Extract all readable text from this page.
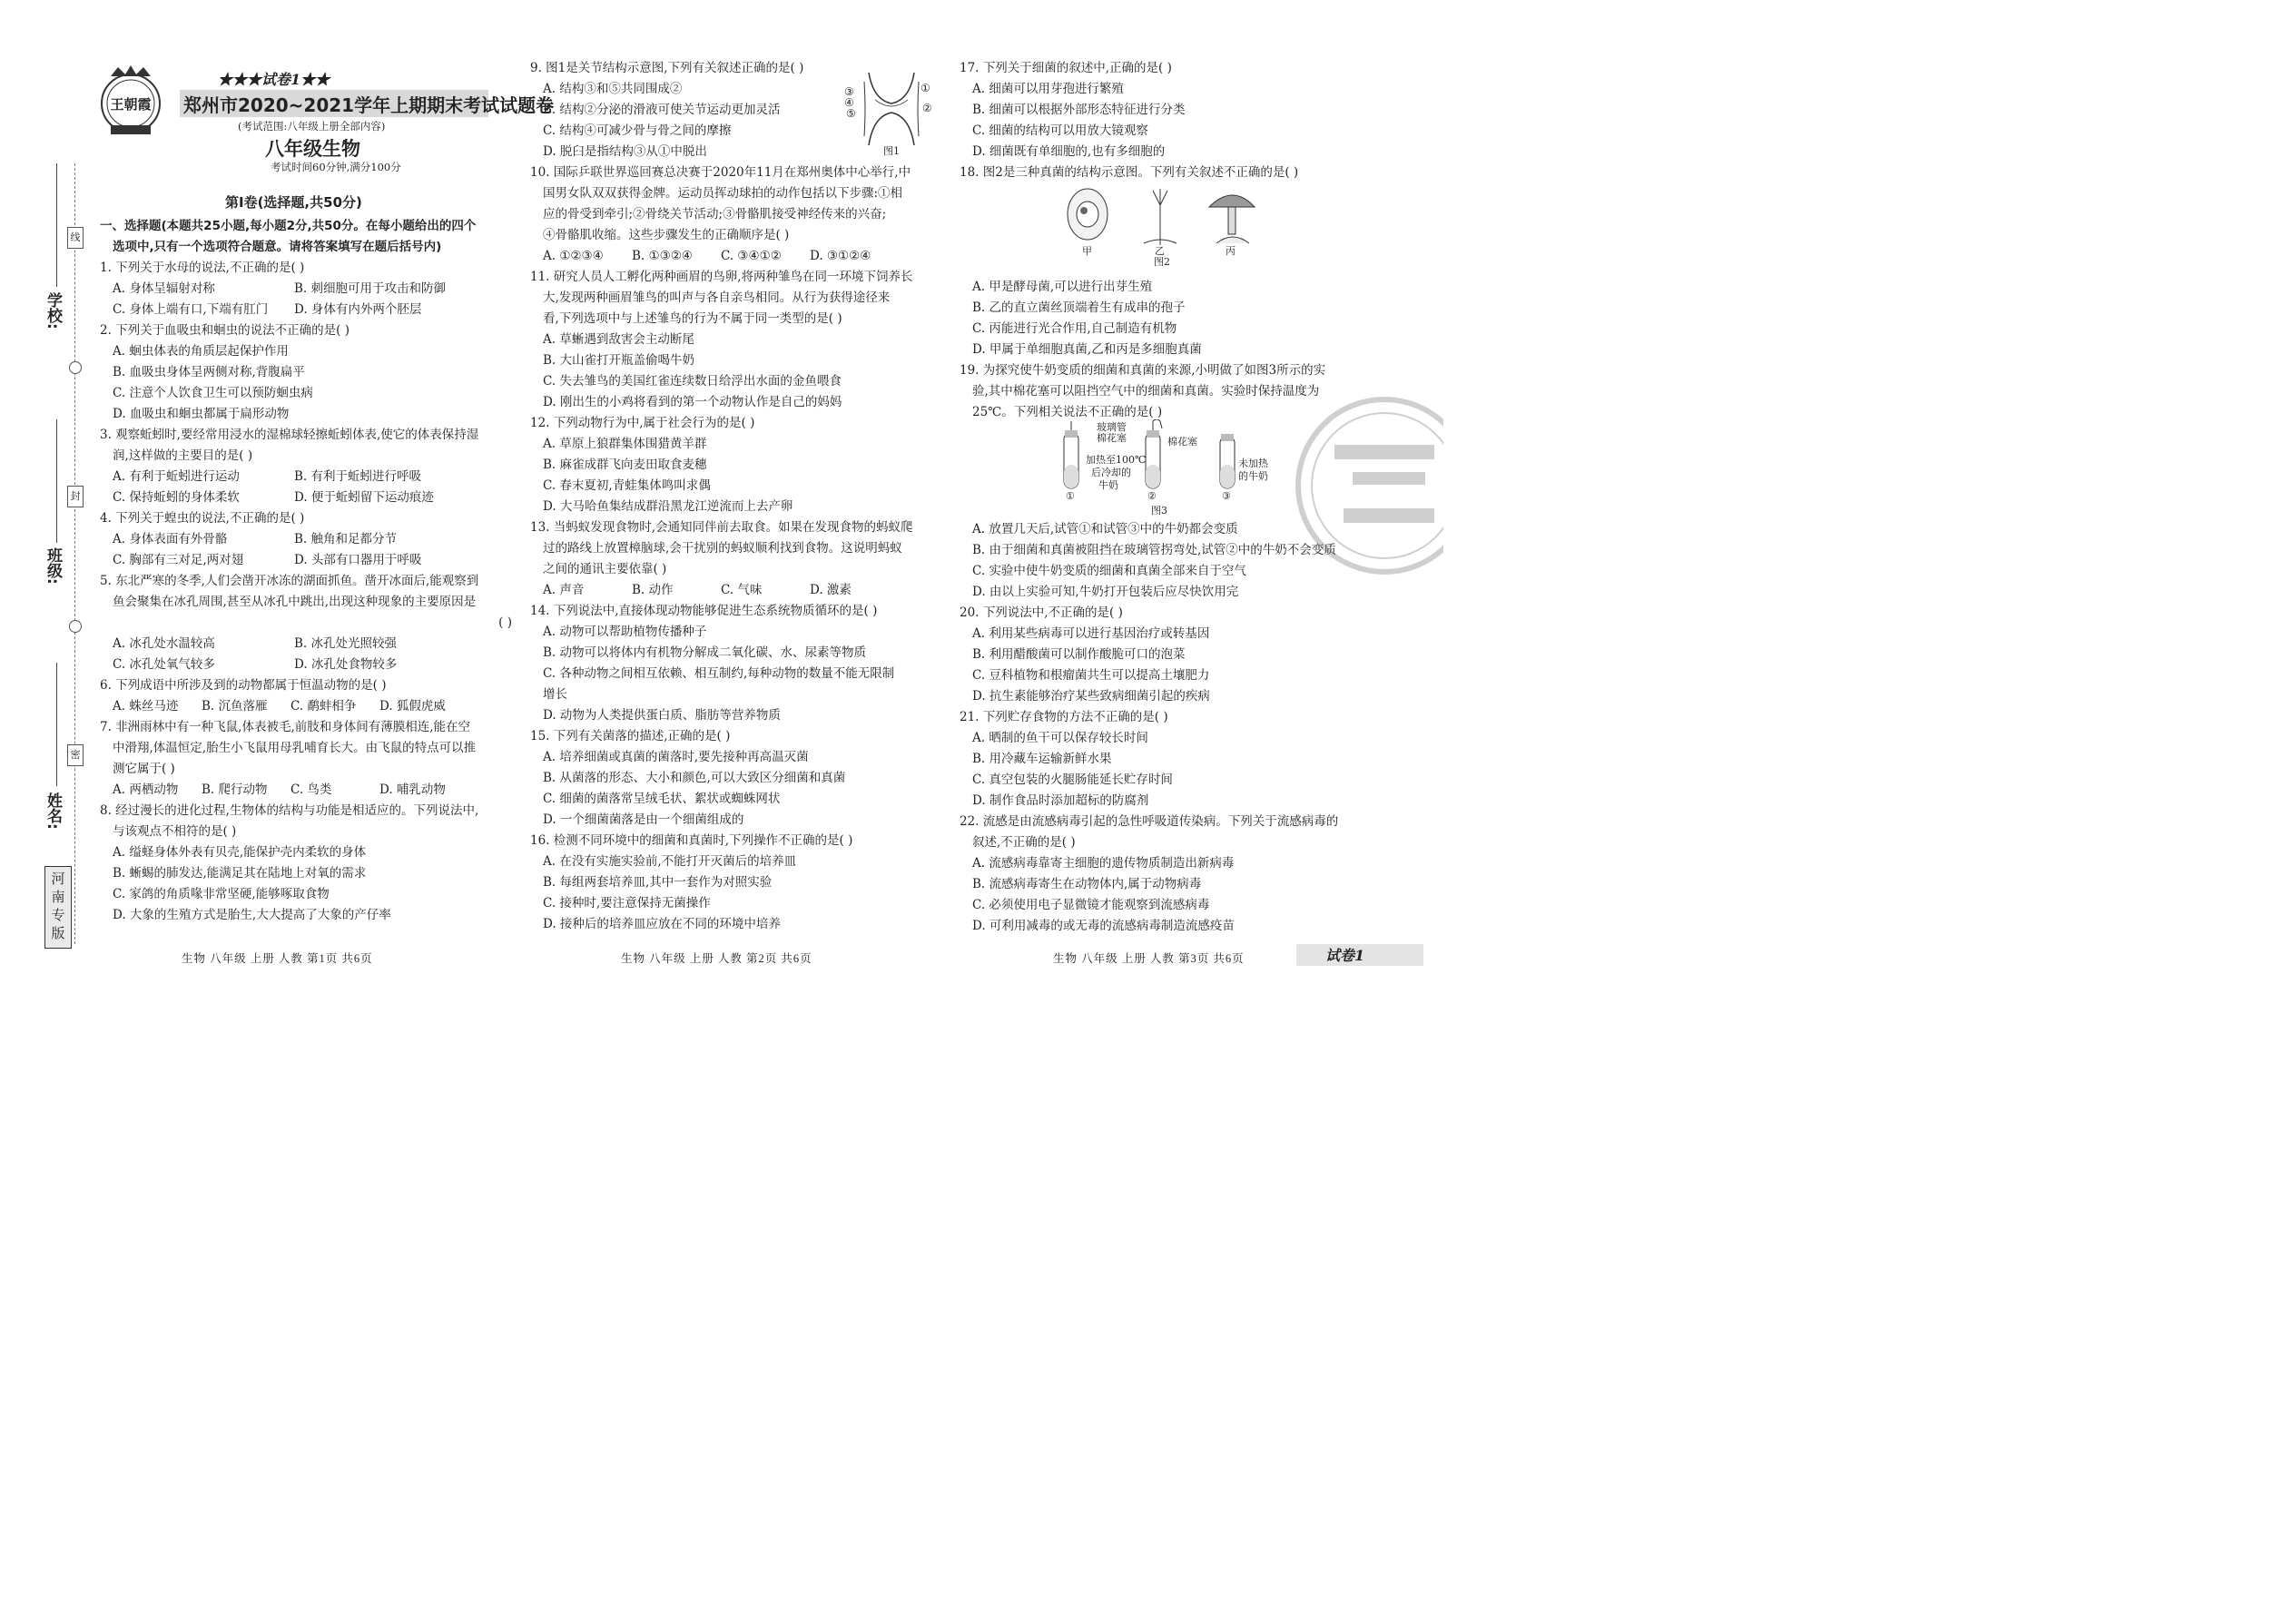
线
封
密
学校:
班级:
姓名:
河
南
专
版
王朝霞
★★★试卷1★★
郑州市2020~2021学年上期期末考试试题卷
(考试范围:八年级上册全部内容)
八年级生物
考试时间60分钟,满分100分
第Ⅰ卷(选择题,共50分)
一、选择题(本题共25小题,每小题2分,共50分。在每小题给出的四个
选项中,只有一个选项符合题意。请将答案填写在题后括号内)

1. 下列关于水母的说法,不正确的是( )

A. 身体呈辐射对称	B. 刺细胞可用于攻击和防御

C. 身体上端有口,下端有肛门 D. 身体有内外两个胚层

2. 下列关于血吸虫和蛔虫的说法不正确的是( )

A. 蛔虫体表的角质层起保护作用

B. 血吸虫身体呈两侧对称,背腹扁平

C. 注意个人饮食卫生可以预防蛔虫病

D. 血吸虫和蛔虫都属于扁形动物

3. 观察蚯蚓时,要经常用浸水的湿棉球轻擦蚯蚓体表,使它的体表保持湿

润,这样做的主要目的是( )

A. 有利于蚯蚓进行运动	B. 有利于蚯蚓进行呼吸

C. 保持蚯蚓的身体柔软	D. 便于蚯蚓留下运动痕迹

4. 下列关于蝗虫的说法,不正确的是( )

A. 身体表面有外骨骼	B. 触角和足都分节

C. 胸部有三对足,两对翅	D. 头部有口器用于呼吸

5. 东北严寒的冬季,人们会凿开冰冻的湖面抓鱼。凿开冰面后,能观察到

鱼会聚集在冰孔周围,甚至从冰孔中跳出,出现这种现象的主要原因是

( )

A. 冰孔处水温较高	B. 冰孔处光照较强

C. 冰孔处氧气较多	D. 冰孔处食物较多

6. 下列成语中所涉及到的动物都属于恒温动物的是( )

A. 蛛丝马迹 B. 沉鱼落雁 C. 鹬蚌相争 D. 狐假虎威

7. 非洲雨林中有一种飞鼠,体表被毛,前肢和身体间有薄膜相连,能在空

中滑翔,体温恒定,胎生小飞鼠用母乳哺育长大。由飞鼠的特点可以推

测它属于( )

A. 两栖动物 B. 爬行动物 C. 鸟类	D. 哺乳动物

8. 经过漫长的进化过程,生物体的结构与功能是相适应的。下列说法中,

与该观点不相符的是( )

A. 缢蛏身体外表有贝壳,能保护壳内柔软的身体

B. 蜥蜴的肺发达,能满足其在陆地上对氧的需求

C. 家鸽的角质喙非常坚硬,能够啄取食物

D. 大象的生殖方式是胎生,大大提高了大象的产仔率

9. 图1是关节结构示意图,下列有关叙述正确的是( )

A. 结构③和⑤共同围成②

B. 结构②分泌的滑液可使关节运动更加灵活

C. 结构④可减少骨与骨之间的摩擦

D. 脱臼是指结构③从①中脱出

10. 国际乒联世界巡回赛总决赛于2020年11月在郑州奥体中心举行,中

国男女队双双获得金牌。运动员挥动球拍的动作包括以下步骤:①相

应的骨受到牵引;②骨绕关节活动;③骨骼肌接受神经传来的兴奋;

④骨骼肌收缩。这些步骤发生的正确顺序是( )

A. ①②③④ B. ①③②④ C. ③④①② D. ③①②④

11. 研究人员人工孵化两种画眉的鸟卵,将两种雏鸟在同一环境下饲养长

大,发现两种画眉雏鸟的叫声与各自亲鸟相同。从行为获得途径来

看,下列选项中与上述雏鸟的行为不属于同一类型的是( )

A. 草蜥遇到敌害会主动断尾

B. 大山雀打开瓶盖偷喝牛奶

C. 失去雏鸟的美国红雀连续数日给浮出水面的金鱼喂食

D. 刚出生的小鸡将看到的第一个动物认作是自己的妈妈

12. 下列动物行为中,属于社会行为的是( )

A. 草原上狼群集体围猎黄羊群

B. 麻雀成群飞向麦田取食麦穗

C. 春末夏初,青蛙集体鸣叫求偶

D. 大马哈鱼集结成群沿黑龙江逆流而上去产卵

13. 当蚂蚁发现食物时,会通知同伴前去取食。如果在发现食物的蚂蚁爬

过的路线上放置樟脑球,会干扰别的蚂蚁顺利找到食物。这说明蚂蚁

之间的通讯主要依靠( )

A. 声音	B. 动作	C. 气味	D. 激素

14. 下列说法中,直接体现动物能够促进生态系统物质循环的是( )

A. 动物可以帮助植物传播种子

B. 动物可以将体内有机物分解成二氧化碳、水、尿素等物质

C. 各种动物之间相互依赖、相互制约,每种动物的数量不能无限制

增长

D. 动物为人类提供蛋白质、脂肪等营养物质

15. 下列有关菌落的描述,正确的是( )

A. 培养细菌或真菌的菌落时,要先接种再高温灭菌

B. 从菌落的形态、大小和颜色,可以大致区分细菌和真菌

C. 细菌的菌落常呈绒毛状、絮状或蜘蛛网状

D. 一个细菌菌落是由一个细菌组成的

16. 检测不同环境中的细菌和真菌时,下列操作不正确的是( )

A. 在没有实施实验前,不能打开灭菌后的培养皿

B. 每组两套培养皿,其中一套作为对照实验

C. 接种时,要注意保持无菌操作

D. 接种后的培养皿应放在不同的环境中培养

③
④
⑤
①
②
图1

17. 下列关于细菌的叙述中,正确的是( )

A. 细菌可以用芽孢进行繁殖

B. 细菌可以根据外部形态特征进行分类

C. 细菌的结构可以用放大镜观察

D. 细菌既有单细胞的,也有多细胞的

18. 图2是三种真菌的结构示意图。下列有关叙述不正确的是( )

甲	乙	丙
图2

A. 甲是酵母菌,可以进行出芽生殖

B. 乙的直立菌丝顶端着生有成串的孢子

C. 丙能进行光合作用,自己制造有机物

D. 甲属于单细胞真菌,乙和丙是多细胞真菌

19. 为探究使牛奶变质的细菌和真菌的来源,小明做了如图3所示的实

验,其中棉花塞可以阻挡空气中的细菌和真菌。实验时保持温度为

25℃。下列相关说法不正确的是( )

玻璃管
棉花塞	棉花塞
加热至100℃
后冷却的
牛奶
未加热
的牛奶
①	②	③
图3

A. 放置几天后,试管①和试管③中的牛奶都会变质

B. 由于细菌和真菌被阻挡在玻璃管拐弯处,试管②中的牛奶不会变质

C. 实验中使牛奶变质的细菌和真菌全部来自于空气

D. 由以上实验可知,牛奶打开包装后应尽快饮用完

20. 下列说法中,不正确的是( )

A. 利用某些病毒可以进行基因治疗或转基因

B. 利用醋酸菌可以制作酸脆可口的泡菜

C. 豆科植物和根瘤菌共生可以提高土壤肥力

D. 抗生素能够治疗某些致病细菌引起的疾病

21. 下列贮存食物的方法不正确的是( )

A. 晒制的鱼干可以保存较长时间

B. 用冷藏车运输新鲜水果

C. 真空包装的火腿肠能延长贮存时间

D. 制作食品时添加超标的防腐剂

22. 流感是由流感病毒引起的急性呼吸道传染病。下列关于流感病毒的

叙述,不正确的是( )

A. 流感病毒靠寄主细胞的遗传物质制造出新病毒

B. 流感病毒寄生在动物体内,属于动物病毒

C. 必须使用电子显微镜才能观察到流感病毒

D. 可利用减毒的或无毒的流感病毒制造流感疫苗

生物 八年级 上册 人教 第1页 共6页	生物 八年级 上册 人教 第2页 共6页	生物 八年级 上册 人教 第3页 共6页	试卷1
